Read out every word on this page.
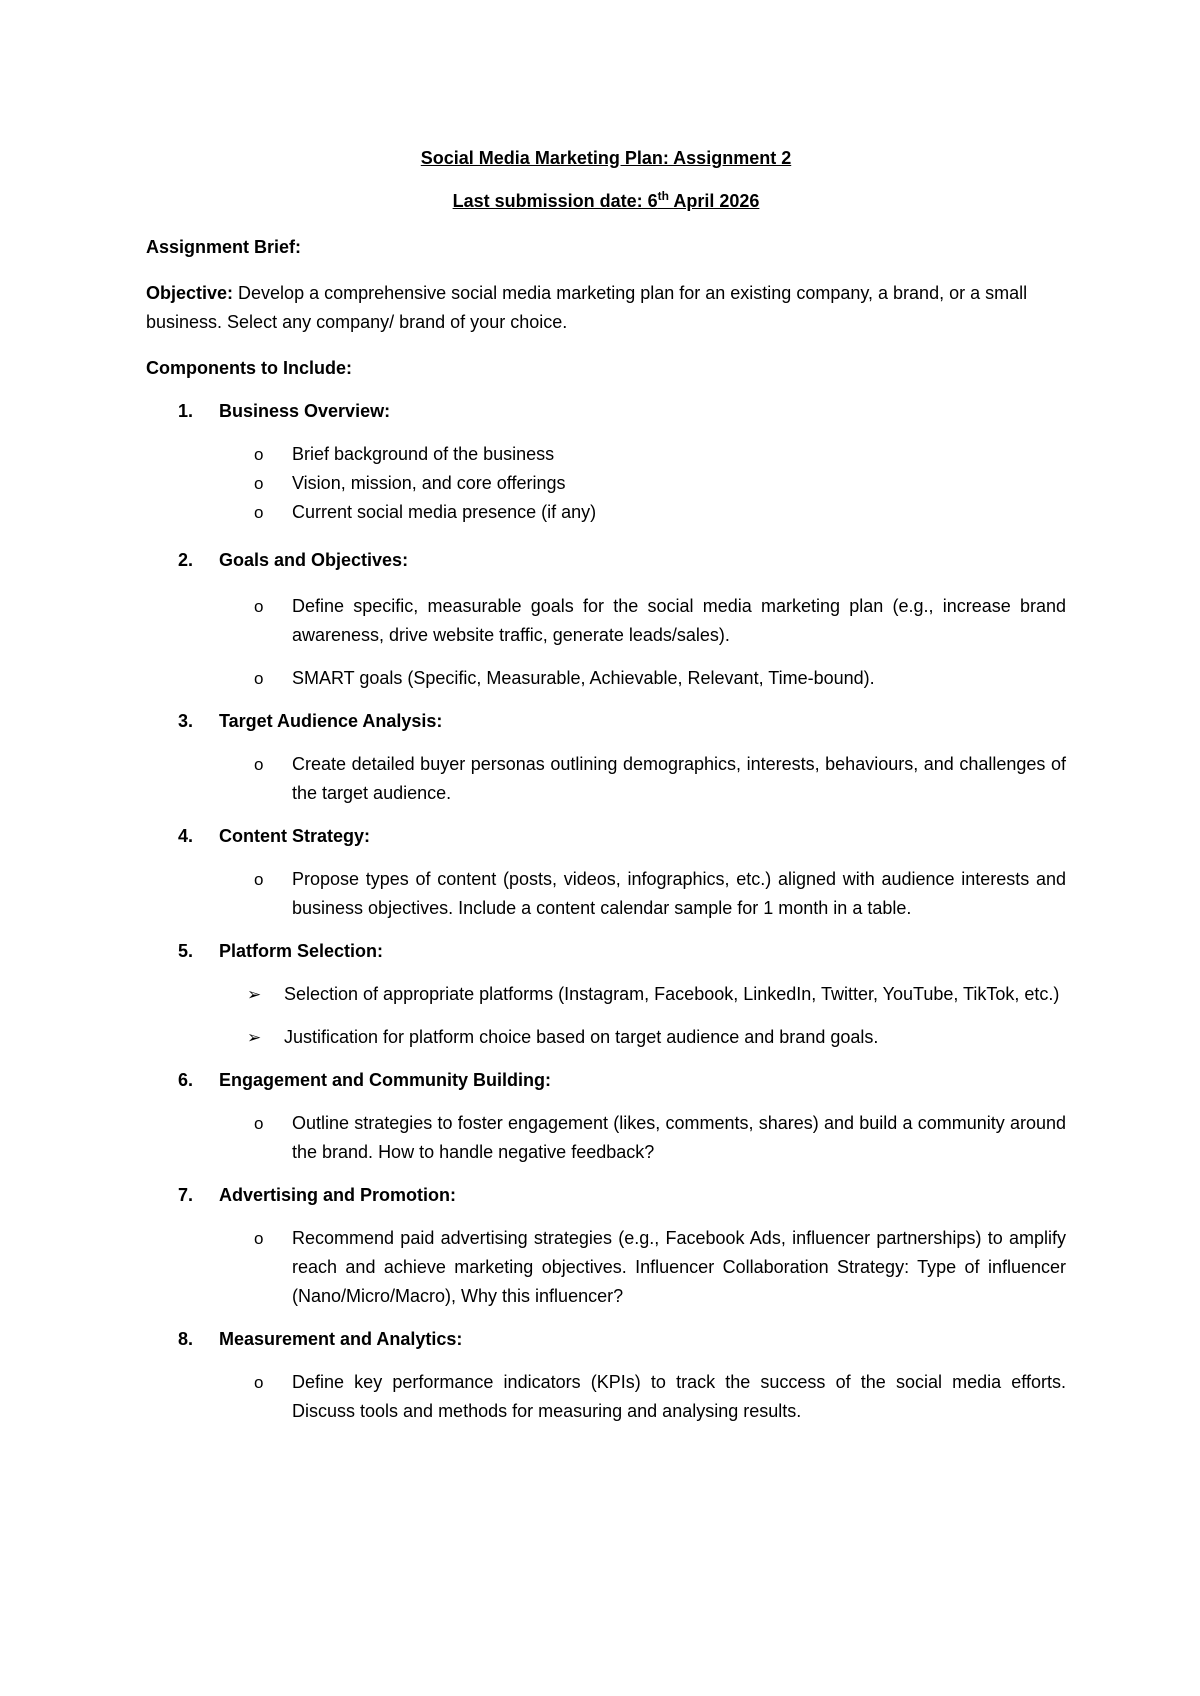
Social Media Marketing Plan: Assignment 2

Last submission date: 6th April 2026

Assignment Brief:

Objective: Develop a comprehensive social media marketing plan for an existing company, a brand, or a small business. Select any company/ brand of your choice.

Components to Include:

1.	Business Overview:
o	Brief background of the business
o	Vision, mission, and core offerings
o	Current social media presence (if any)
2.	Goals and Objectives:
o	Define specific, measurable goals for the social media marketing plan (e.g., increase brand awareness, drive website traffic, generate leads/sales).
o	SMART goals (Specific, Measurable, Achievable, Relevant, Time-bound).
3.	Target Audience Analysis:
o	Create detailed buyer personas outlining demographics, interests, behaviours, and challenges of the target audience.
4.	Content Strategy:
o	Propose types of content (posts, videos, infographics, etc.) aligned with audience interests and business objectives. Include a content calendar sample for 1 month in a table.
5.	Platform Selection:
➢	Selection of appropriate platforms (Instagram, Facebook, LinkedIn, Twitter, YouTube, TikTok, etc.)
➢	Justification for platform choice based on target audience and brand goals.
6.	Engagement and Community Building:
o	Outline strategies to foster engagement (likes, comments, shares) and build a community around the brand. How to handle negative feedback?
7.	Advertising and Promotion:
o	Recommend paid advertising strategies (e.g., Facebook Ads, influencer partnerships) to amplify reach and achieve marketing objectives. Influencer Collaboration Strategy: Type of influencer (Nano/Micro/Macro), Why this influencer?
8.	Measurement and Analytics:
o	Define key performance indicators (KPIs) to track the success of the social media efforts. Discuss tools and methods for measuring and analysing results.
